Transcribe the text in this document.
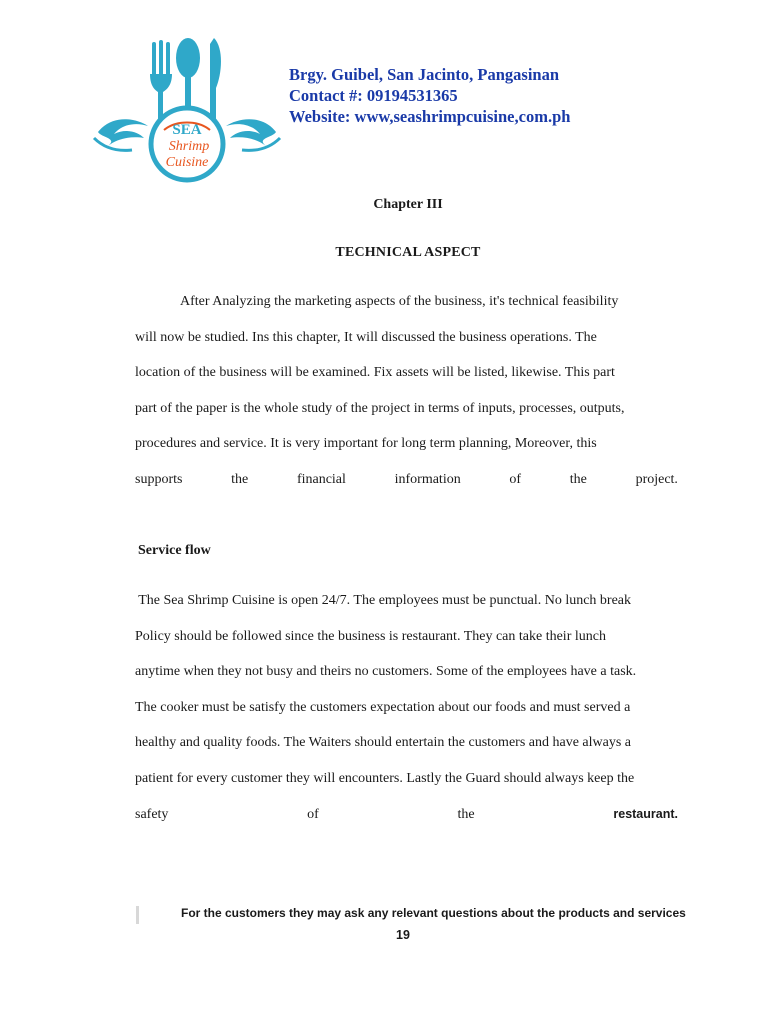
SEA
Shrimp
Cuisine
Brgy. Guibel, San Jacinto, Pangasinan
Contact #: 09194531365
Website: www,seashrimpcuisine,com.ph
Chapter III
TECHNICAL ASPECT
After Analyzing the marketing aspects of the business, it's technical feasibility
will now be studied. Ins this chapter, It will discussed the business operations. The
location of the business will be examined. Fix assets will be listed, likewise. This part
part of the paper is the whole study of the project in terms of inputs, processes, outputs,
procedures and service. It is very important for long term planning, Moreover, this
supports	the	financial	information	of	the	project.
Service flow
The Sea Shrimp Cuisine is open 24/7. The employees must be punctual. No lunch break
Policy should be followed since the business is restaurant. They can take their lunch
anytime when they not busy and theirs no customers. Some of the employees have a task.
The cooker must be satisfy the customers expectation about our foods and must served a
healthy and quality foods. The Waiters should entertain the customers and have always a
patient for every customer they will encounters. Lastly the Guard should always keep the
safety	of	the	restaurant.
For the customers they may ask any relevant questions about the products and services
19
